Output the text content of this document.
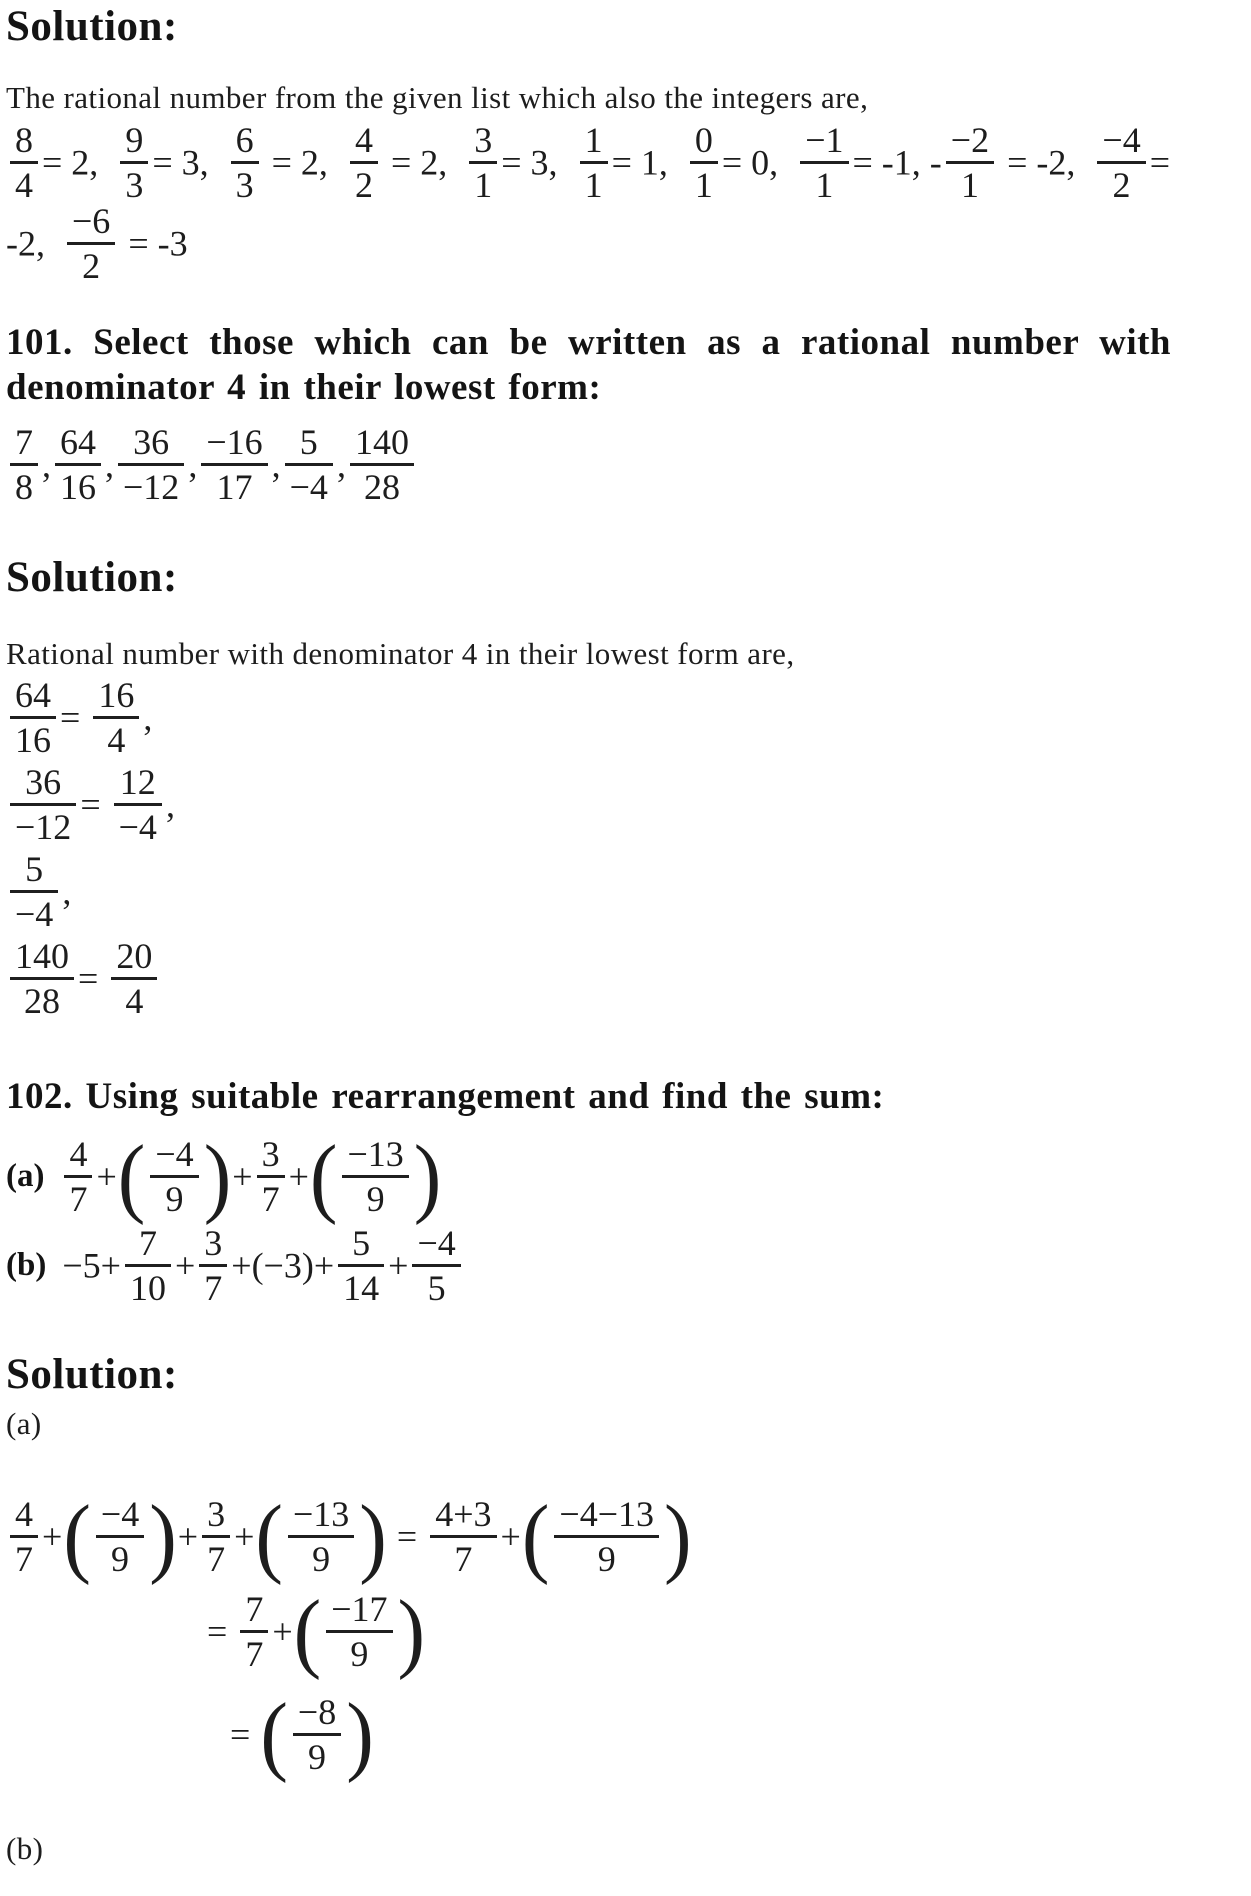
Solution:

The rational number from the given list which also the integers are,

$\frac{8}{4} = 2$, $\frac{9}{3} = 3$, $\frac{6}{3} = 2$, $\frac{4}{2} = 2$, $\frac{3}{1} = 3$, $\frac{1}{1} = 1$, $\frac{0}{1} = 0$, $\frac{-1}{1} = -1$, - $\frac{-2}{1} = -2$, $\frac{-4}{2} = -2$, $\frac{-6}{2} = -3$
101. Select those which can be written as a rational number with
denominator 4 in their lowest form:
$\frac{7}{8}$ , $\frac{64}{16}$ , $\frac{36}{-12}$ , $\frac{-16}{17}$ , $\frac{5}{-4}$ , $\frac{140}{28}$
Solution:

Rational number with denominator 4 in their lowest form are,

$\frac{64}{16} = \frac{16}{4}$ ,
$\frac{36}{-12} = \frac{12}{-4}$ ,
$\frac{5}{-4}$ ,
$\frac{140}{28} = \frac{20}{4}$
102. Using suitable rearrangement and find the sum:
$(a) \frac{4}{7}$ +( $\frac{-4}{9}$ )+ $\frac{3}{7}$ +( $\frac{-13}{9}$ )
$(b) -5+ \frac{7}{10} + \frac{3}{7} +(-3)+ \frac{5}{14} + \frac{-4}{5}$
Solution:

(a)

$\frac{4}{7}$ +( $\frac{-4}{9}$ )+ $\frac{3}{7}$ +( $\frac{-13}{9}$ ) = $\frac{4+3}{7}$ +( $\frac{-4-13}{9}$ )
= $\frac{7}{7}$ +( $\frac{-17}{9}$ )
= ( $\frac{-8}{9}$ )

(b)
